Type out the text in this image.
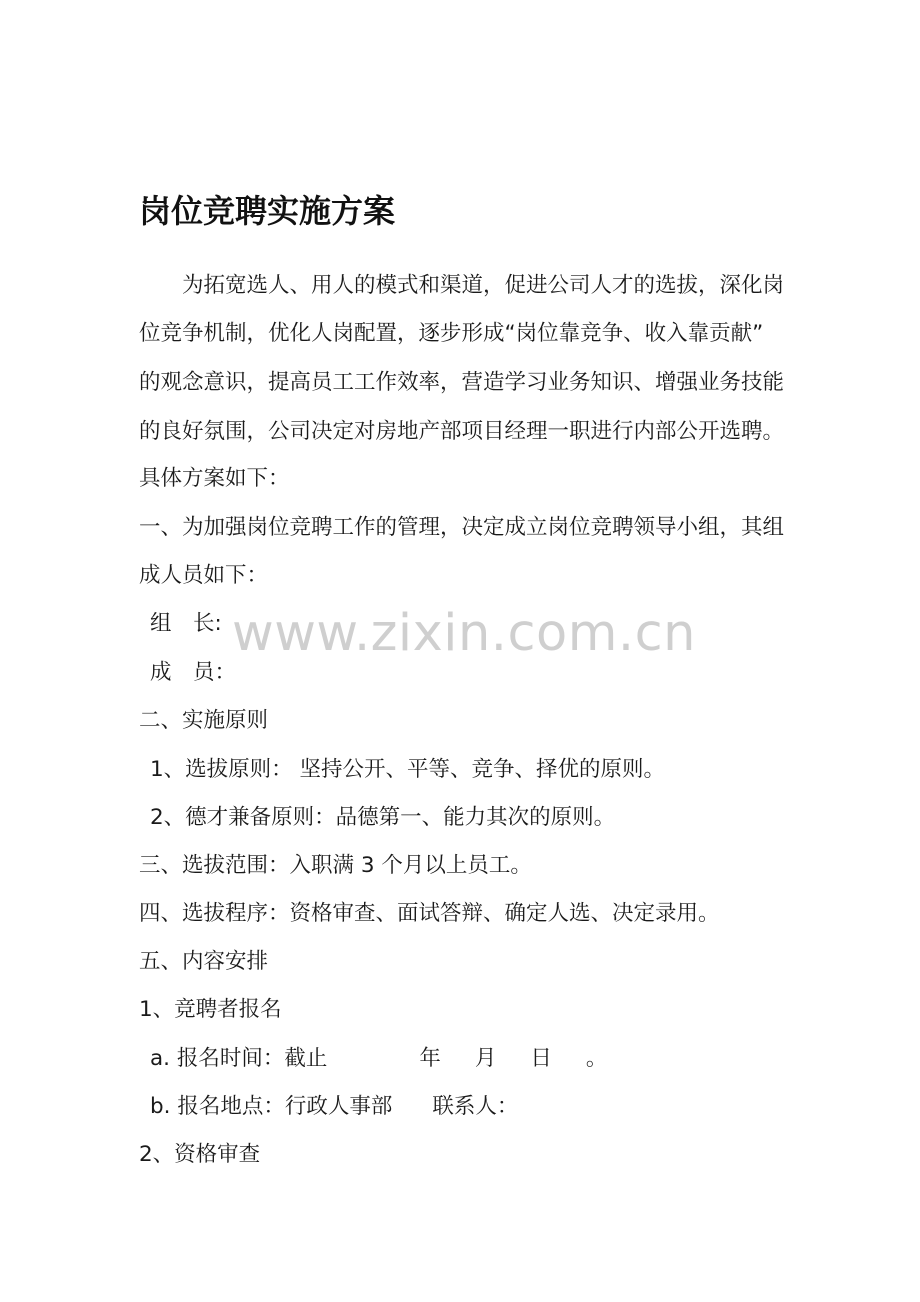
岗位竞聘实施方案
为拓宽选人、用人的模式和渠道，促进公司人才的选拔，深化岗
位竞争机制，优化人岗配置，逐步形成“岗位靠竞争、收入靠贡献”
的观念意识，提高员工工作效率，营造学习业务知识、增强业务技能
的良好氛围，公司决定对房地产部项目经理一职进行内部公开选聘。
具体方案如下：
一、为加强岗位竞聘工作的管理，决定成立岗位竞聘领导小组，其组
成人员如下：
组　长:
成　员：
二、实施原则
1、选拔原则： 坚持公开、平等、竞争、择优的原则。
2、德才兼备原则：品德第一、能力其次的原则。
三、选拔范围：入职满 3 个月以上员工。
四、选拔程序：资格审查、面试答辩、确定人选、决定录用。
五、内容安排
1、竞聘者报名
a. 报名时间：截止	年 月 日 。
b. 报名地点：行政人事部 联系人：
2、资格审查
www.zixin.com.cn
